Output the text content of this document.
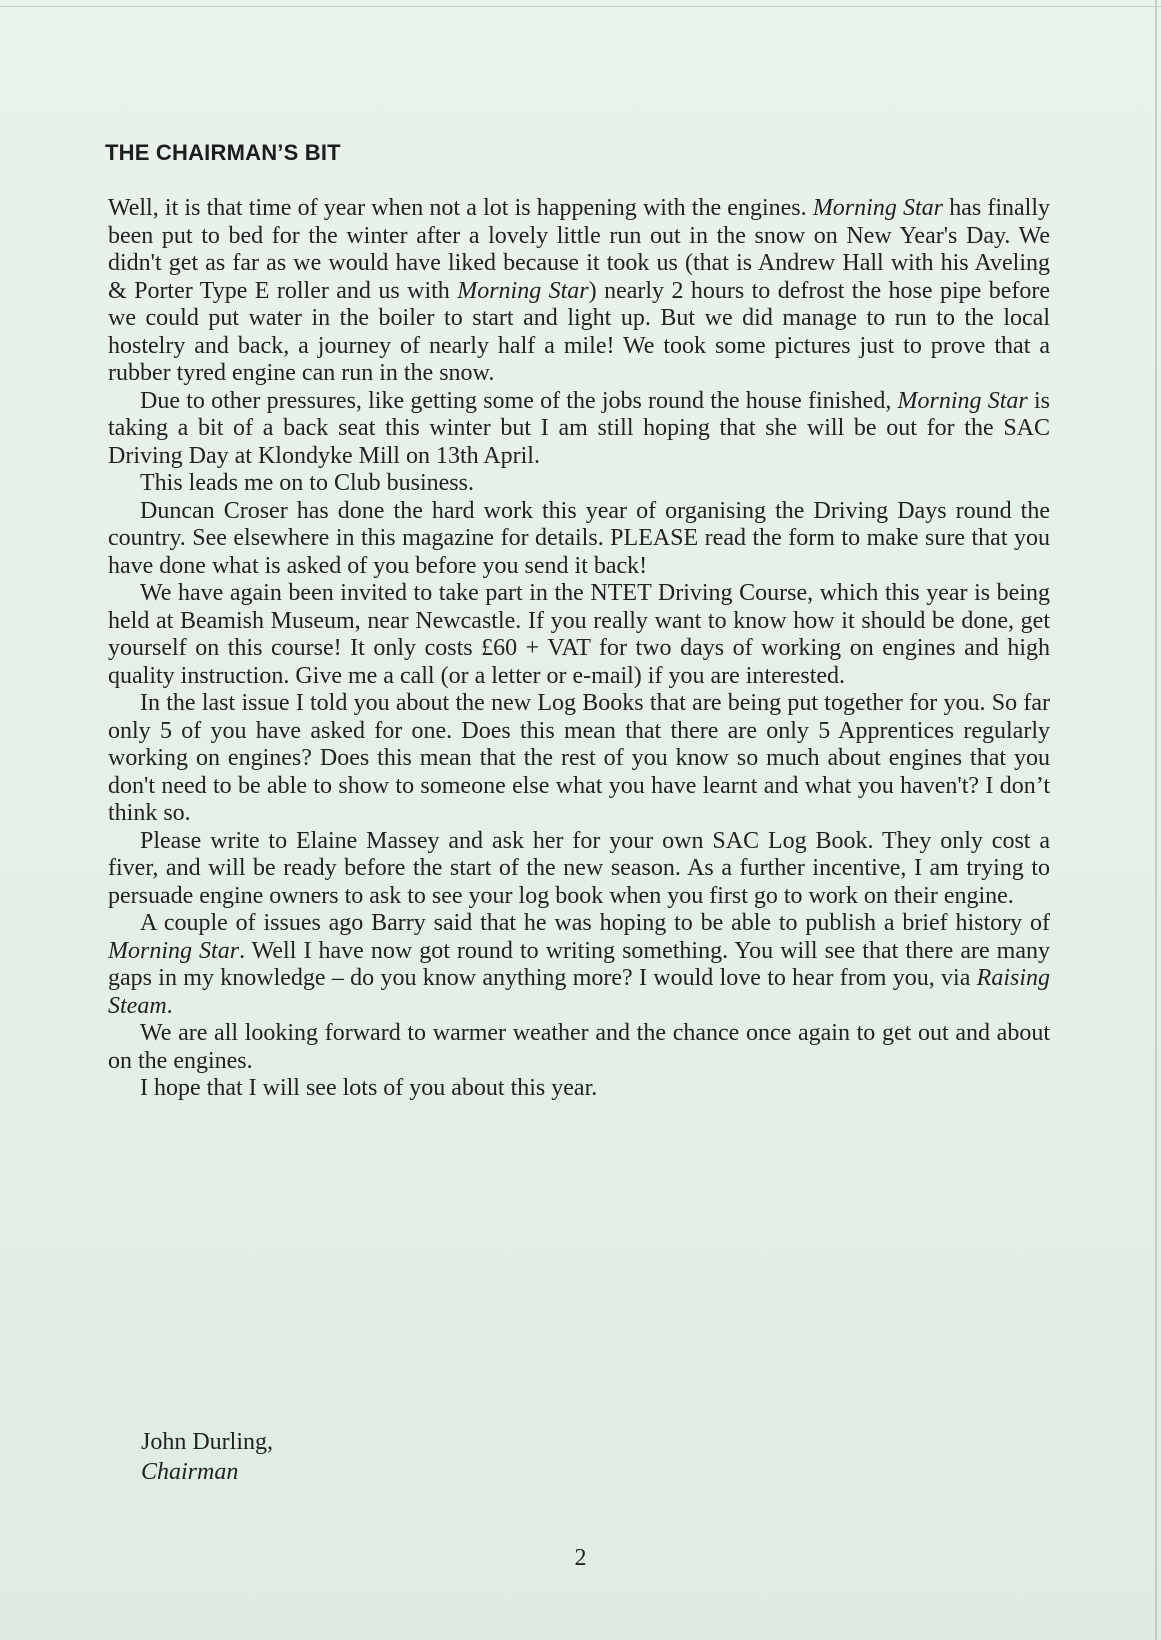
THE CHAIRMAN’S BIT

Well, it is that time of year when not a lot is happening with the engines. Morning Star has finally been put to bed for the winter after a lovely little run out in the snow on New Year's Day. We didn't get as far as we would have liked because it took us (that is Andrew Hall with his Aveling & Porter Type E roller and us with Morning Star) nearly 2 hours to defrost the hose pipe before we could put water in the boiler to start and light up. But we did manage to run to the local hostelry and back, a journey of nearly half a mile! We took some pictures just to prove that a rubber tyred engine can run in the snow.

Due to other pressures, like getting some of the jobs round the house finished, Morning Star is taking a bit of a back seat this winter but I am still hoping that she will be out for the SAC Driving Day at Klondyke Mill on 13th April.

This leads me on to Club business.

Duncan Croser has done the hard work this year of organising the Driving Days round the country. See elsewhere in this magazine for details. PLEASE read the form to make sure that you have done what is asked of you before you send it back!

We have again been invited to take part in the NTET Driving Course, which this year is being held at Beamish Museum, near Newcastle. If you really want to know how it should be done, get yourself on this course! It only costs £60 + VAT for two days of working on engines and high quality instruction. Give me a call (or a letter or e-mail) if you are interested.

In the last issue I told you about the new Log Books that are being put together for you. So far only 5 of you have asked for one. Does this mean that there are only 5 Apprentices regularly working on engines? Does this mean that the rest of you know so much about engines that you don't need to be able to show to someone else what you have learnt and what you haven't? I don’t think so.

Please write to Elaine Massey and ask her for your own SAC Log Book. They only cost a fiver, and will be ready before the start of the new season. As a further incentive, I am trying to persuade engine owners to ask to see your log book when you first go to work on their engine.

A couple of issues ago Barry said that he was hoping to be able to publish a brief history of Morning Star. Well I have now got round to writing something. You will see that there are many gaps in my knowledge – do you know anything more? I would love to hear from you, via Raising Steam.

We are all looking forward to warmer weather and the chance once again to get out and about on the engines.

I hope that I will see lots of you about this year.

John Durling,
Chairman
2
